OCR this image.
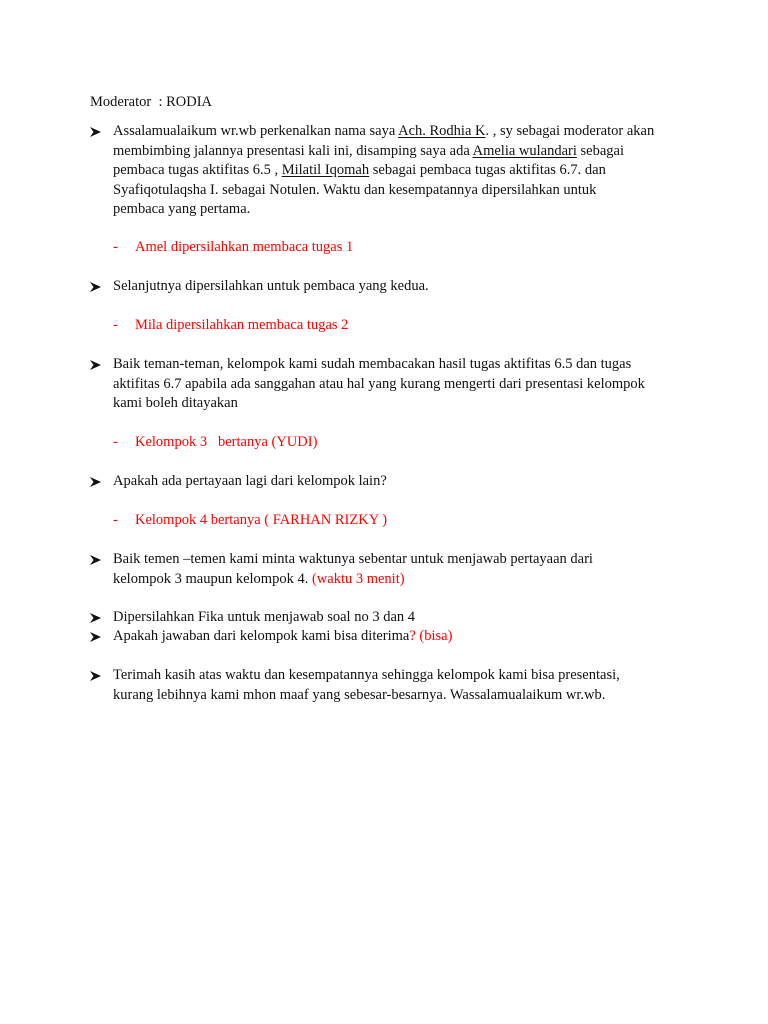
Moderator  : RODIA
Assalamualaikum wr.wb perkenalkan nama saya Ach. Rodhia K. , sy sebagai moderator akan
membimbing jalannya presentasi kali ini, disamping saya ada Amelia wulandari sebagai
pembaca tugas aktifitas 6.5 , Milatil Iqomah sebagai pembaca tugas aktifitas 6.7. dan
Syafiqotulaqsha I. sebagai Notulen. Waktu dan kesempatannya dipersilahkan untuk
pembaca yang pertama.
- Amel dipersilahkan membaca tugas 1
Selanjutnya dipersilahkan untuk pembaca yang kedua.
- Mila dipersilahkan membaca tugas 2
Baik teman-teman, kelompok kami sudah membacakan hasil tugas aktifitas 6.5 dan tugas
aktifitas 6.7 apabila ada sanggahan atau hal yang kurang mengerti dari presentasi kelompok
kami boleh ditayakan
- Kelompok 3   bertanya (YUDI)
Apakah ada pertayaan lagi dari kelompok lain?
- Kelompok 4 bertanya ( FARHAN RIZKY )
Baik temen –temen kami minta waktunya sebentar untuk menjawab pertayaan dari
kelompok 3 maupun kelompok 4. (waktu 3 menit)
Dipersilahkan Fika untuk menjawab soal no 3 dan 4
Apakah jawaban dari kelompok kami bisa diterima? (bisa)
Terimah kasih atas waktu dan kesempatannya sehingga kelompok kami bisa presentasi,
kurang lebihnya kami mhon maaf yang sebesar-besarnya. Wassalamualaikum wr.wb.
